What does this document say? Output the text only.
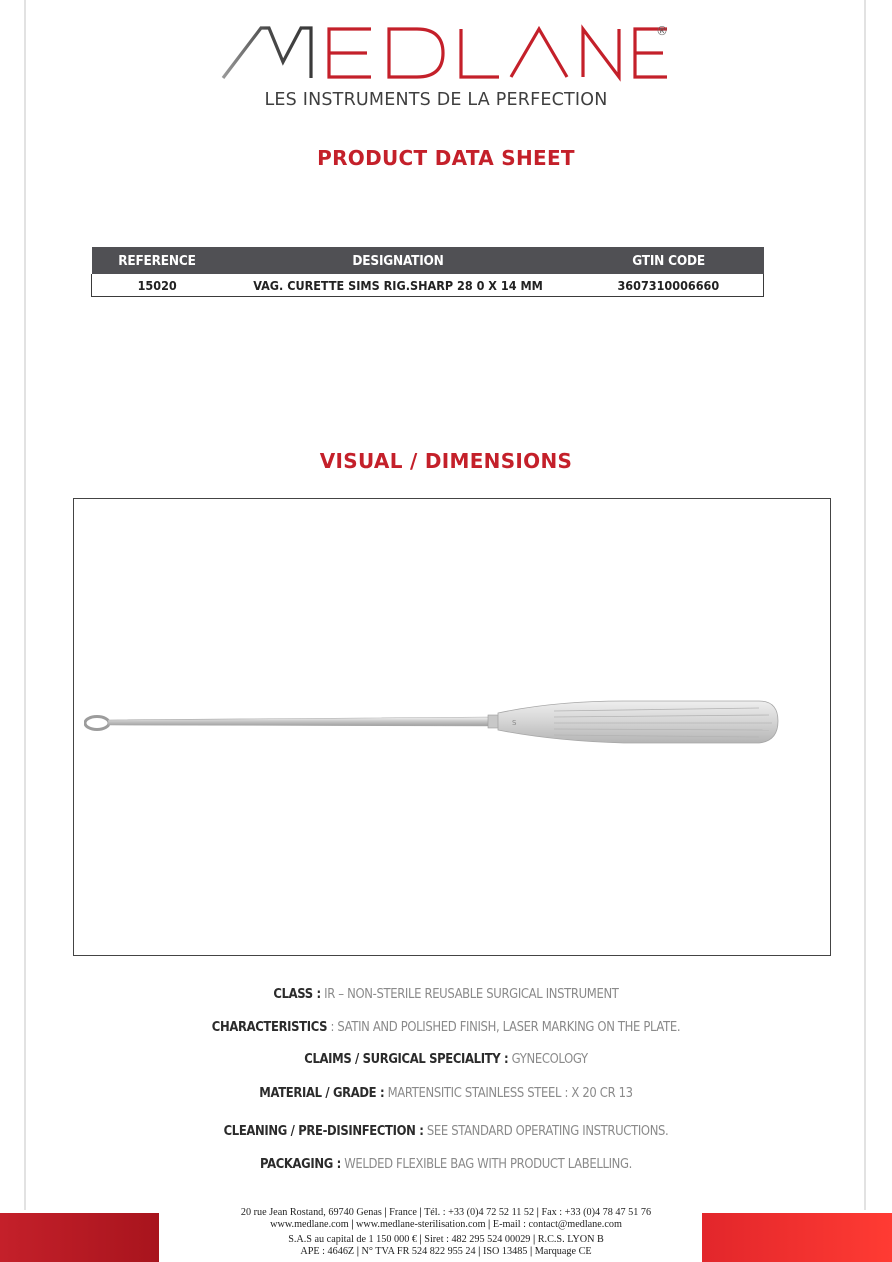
®
LES INSTRUMENTS DE LA PERFECTION
PRODUCT DATA SHEET
REFERENCE	DESIGNATION	GTIN CODE
15020	VAG. CURETTE SIMS RIG.SHARP 28 0 X 14 MM	3607310006660
VISUAL / DIMENSIONS
S
CLASS : IR – NON-STERILE REUSABLE SURGICAL INSTRUMENT
CHARACTERISTICS : SATIN AND POLISHED FINISH, LASER MARKING ON THE PLATE.
CLAIMS / SURGICAL SPECIALITY : GYNECOLOGY
MATERIAL / GRADE : MARTENSITIC STAINLESS STEEL : X 20 CR 13
CLEANING / PRE-DISINFECTION : SEE STANDARD OPERATING INSTRUCTIONS.
PACKAGING : WELDED FLEXIBLE BAG WITH PRODUCT LABELLING.
20 rue Jean Rostand, 69740 Genas | France | Tél. : +33 (0)4 72 52 11 52 | Fax : +33 (0)4 78 47 51 76
www.medlane.com | www.medlane-sterilisation.com | E-mail : contact@medlane.com
S.A.S au capital de 1 150 000 € | Siret : 482 295 524 00029 | R.C.S. LYON B
APE : 4646Z | N° TVA FR 524 822 955 24 | ISO 13485 | Marquage CE
